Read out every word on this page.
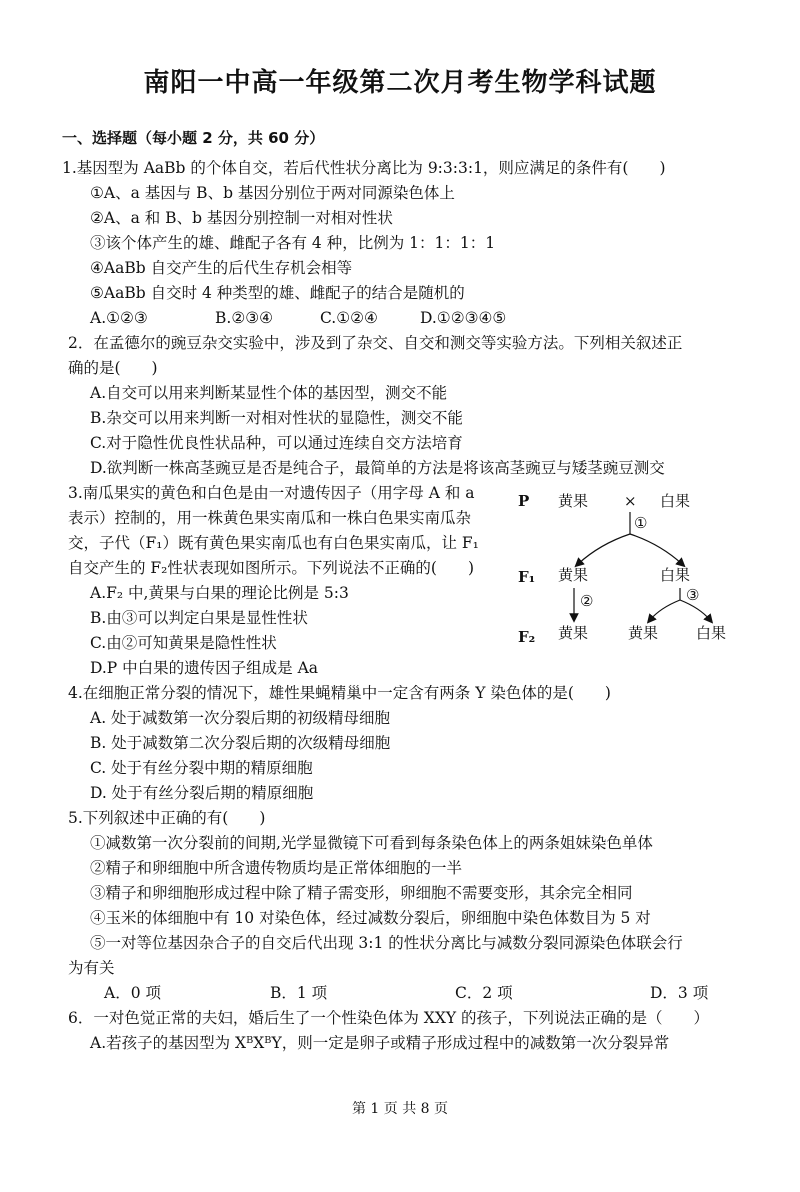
南阳一中高一年级第二次月考生物学科试题
一、选择题（每小题 2 分，共 60 分）
1.基因型为 AaBb 的个体自交，若后代性状分离比为 9:3:3:1，则应满足的条件有(　　)
①A、a 基因与 B、b 基因分别位于两对同源染色体上
②A、a 和 B、b 基因分别控制一对相对性状
③该个体产生的雄、雌配子各有 4 种，比例为 1：1：1：1
④AaBb 自交产生的后代生存机会相等
⑤AaBb 自交时 4 种类型的雄、雌配子的结合是随机的
A.①②③	B.②③④	C.①②④	D.①②③④⑤
2．在孟德尔的豌豆杂交实验中，涉及到了杂交、自交和测交等实验方法。下列相关叙述正
确的是(　　)
A.自交可以用来判断某显性个体的基因型，测交不能
B.杂交可以用来判断一对相对性状的显隐性，测交不能
C.对于隐性优良性状品种，可以通过连续自交方法培育
D.欲判断一株高茎豌豆是否是纯合子，最简单的方法是将该高茎豌豆与矮茎豌豆测交
3.南瓜果实的黄色和白色是由一对遗传因子（用字母 A 和 a
表示）控制的，用一株黄色果实南瓜和一株白色果实南瓜杂
交，子代（F₁）既有黄色果实南瓜也有白色果实南瓜，让 F₁
自交产生的 F₂性状表现如图所示。下列说法不正确的(　　)
A.F₂ 中,黄果与白果的理论比例是 5:3
B.由③可以判定白果是显性性状
C.由②可知黄果是隐性性状
D.P 中白果的遗传因子组成是 Aa
P 黄果 × 白果
①
F₁ 黄果	白果
②	③
F₂ 黄果	黄果	白果
4.在细胞正常分裂的情况下，雄性果蝇精巢中一定含有两条 Y 染色体的是(　　)
A. 处于减数第一次分裂后期的初级精母细胞
B. 处于减数第二次分裂后期的次级精母细胞
C. 处于有丝分裂中期的精原细胞
D. 处于有丝分裂后期的精原细胞
5.下列叙述中正确的有(　　)
①减数第一次分裂前的间期,光学显微镜下可看到每条染色体上的两条姐妹染色单体
②精子和卵细胞中所含遗传物质均是正常体细胞的一半
③精子和卵细胞形成过程中除了精子需变形，卵细胞不需要变形，其余完全相同
④玉米的体细胞中有 10 对染色体，经过减数分裂后，卵细胞中染色体数目为 5 对
⑤一对等位基因杂合子的自交后代出现 3:1 的性状分离比与减数分裂同源染色体联会行
为有关
A．0 项	B．1 项	C．2 项	D．3 项
6．一对色觉正常的夫妇，婚后生了一个性染色体为 XXY 的孩子，下列说法正确的是（　　）
A.若孩子的基因型为 XᴮXᴮY，则一定是卵子或精子形成过程中的减数第一次分裂异常
第 1 页 共 8 页
